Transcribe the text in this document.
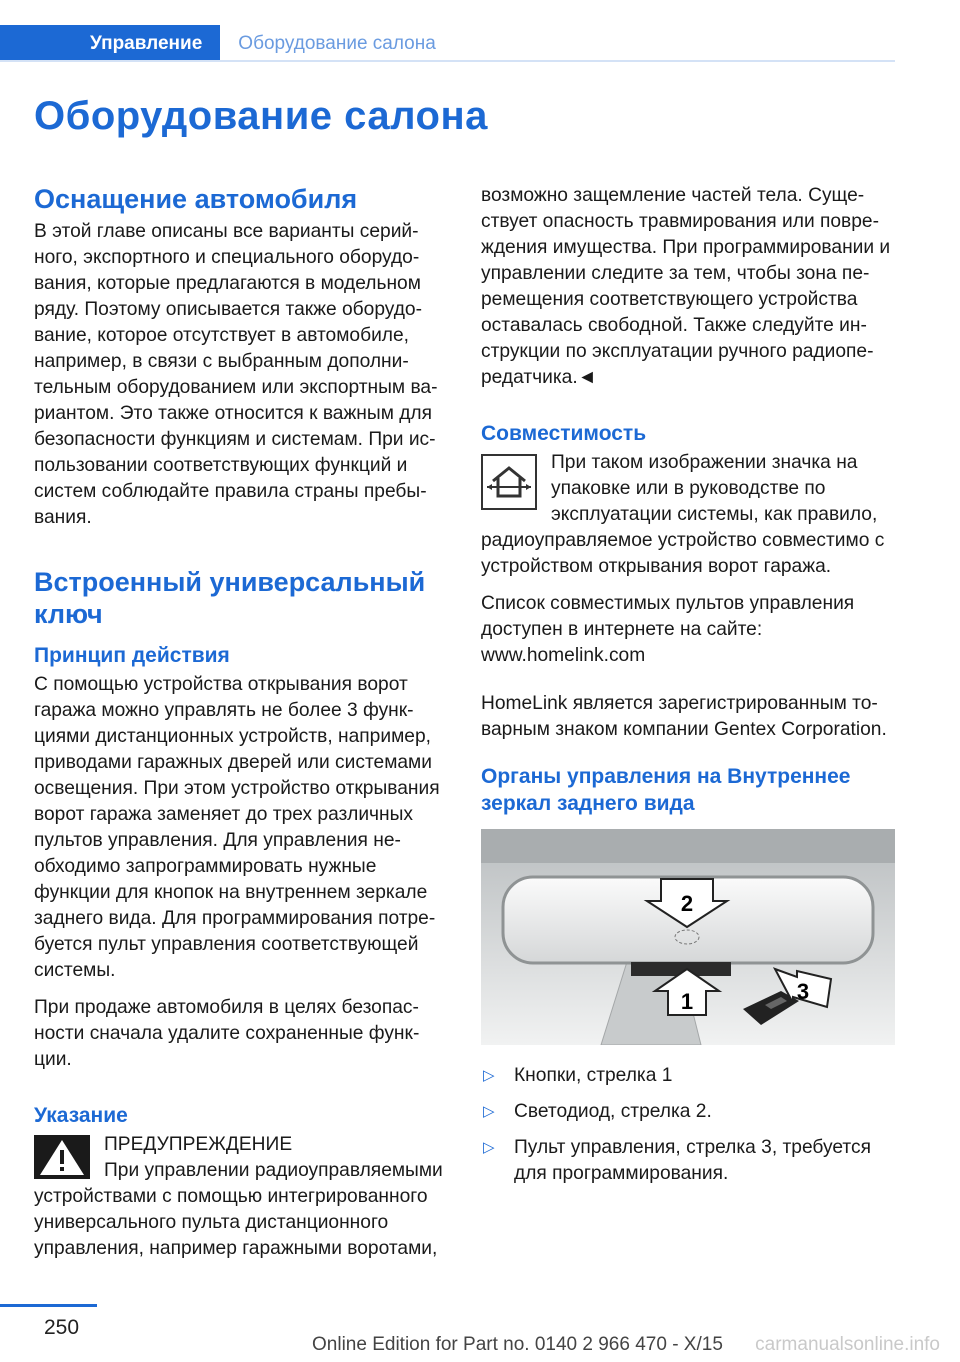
Управление	Оборудование салона
Оборудование салона
Оснащение автомобиля

В этой главе описаны все варианты серийного, экспортного и специального оборудования, которые предлагаются в модельном ряду. Поэтому описывается также оборудование, которое отсутствует в автомобиле, например, в связи с выбранным дополнительным оборудованием или экспортным вариантом. Это также относится к важным для безопасности функциям и системам. При использовании соответствующих функций и систем соблюдайте правила страны пребывания.

Встроенный универсальный ключ
Принцип действия

С помощью устройства открывания ворот гаража можно управлять не более 3 функциями дистанционных устройств, например, приводами гаражных дверей или системами освещения. При этом устройство открывания ворот гаража заменяет до трех различных пультов управления. Для управления необходимо запрограммировать нужные функции для кнопок на внутреннем зеркале заднего вида. Для программирования потребуется пульт управления соответствующей системы.

При продаже автомобиля в целях безопасности сначала удалите сохраненные функции.

Указание
ПРЕДУПРЕЖДЕНИЕ
При управлении радиоуправляемыми устройствами с помощью интегрированного универсального пульта дистанционного управления, например гаражными воротами,

возможно защемление частей тела. Существует опасность травмирования или повреждения имущества. При программировании и управлении следите за тем, чтобы зона перемещения соответствующего устройства оставалась свободной. Также следуйте инструкции по эксплуатации ручного радиопередатчика.◄

Совместимость
При таком изображении значка на упаковке или в руководстве по эксплуатации системы, как правило, радиоуправляемое устройство совместимо с устройством открывания ворот гаража.

Список совместимых пультов управления доступен в интернете на сайте:

www.homelink.com

HomeLink является зарегистрированным товарным знаком компании Gentex Corporation.

Органы управления на Внутреннее зеркал заднего вида
2
1	3
▷ Кнопки, стрелка 1
▷ Светодиод, стрелка 2.
▷ Пульт управления, стрелка 3, требуется для программирования.
250
Online Edition for Part no. 0140 2 966 470 - X/15 carmanualsonline.info
